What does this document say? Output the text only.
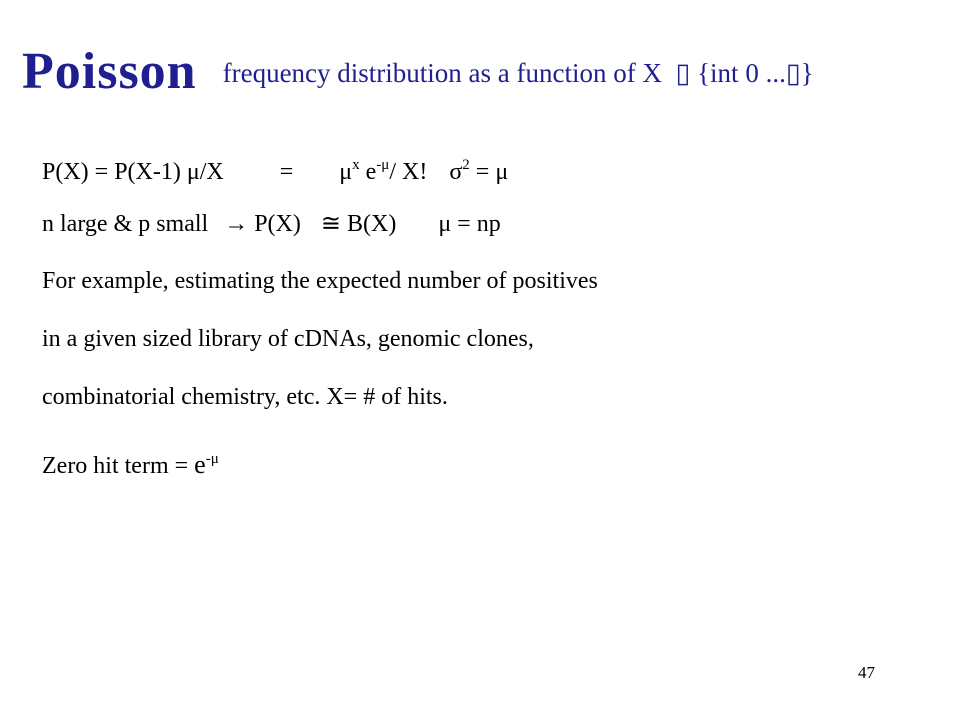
Poisson frequency distribution as a function of X  ▯ {int 0 ...▯}
P(X) = P(X-1) $\mu/X = \mu^x$ $e^{-\mu}/$ X! $\sigma^2 = \mu$
n large & p small → P(X) ≅ B(X) μ = np
For example, estimating the expected number of positives
in a given sized library of cDNAs, genomic clones,
combinatorial chemistry, etc. X= # of hits.
Zero hit term = $e^{-\mu}$
47
